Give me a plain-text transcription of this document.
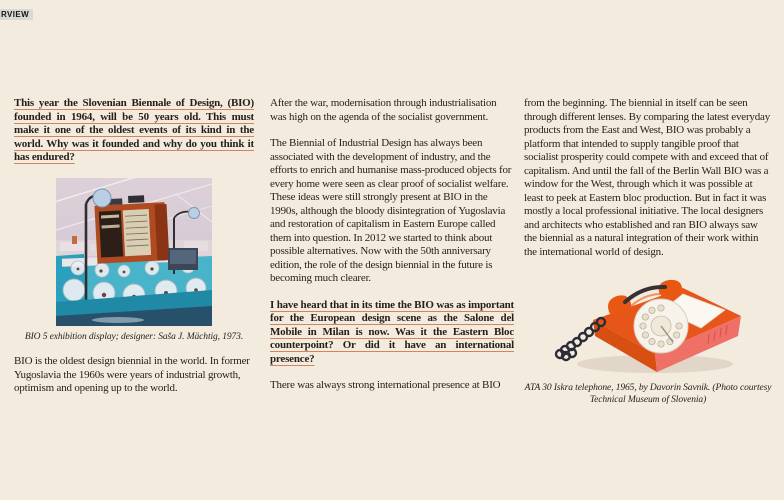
RVIEW

This year the Slovenian Biennale of Design, (BIO) founded in 1964, will be 50 years old. This must make it one of the oldest events of its kind in the world. Why was it founded and why do you think it has endured?

BIO 5 exhibition display; designer: Saša J. Mächtig, 1973.

BIO is the oldest design biennial in the world. In former Yugoslavia the 1960s were years of industrial growth, optimism and opening up to the world.

After the war, modernisation through industrialisation was high on the agenda of the socialist government.

The Biennial of Industrial Design has always been associated with the development of industry, and the efforts to enrich and humanise mass-produced objects for every home were seen as clear proof of socialist welfare. These ideas were still strongly present at BIO in the 1990s, although the bloody disintegration of Yugoslavia and restoration of capitalism in Eastern Europe called them into question. In 2012 we started to think about possible alternatives. Now with the 50th anniversary edition, the role of the design biennial in the future is becoming much clearer.

I have heard that in its time the BIO was as important for the European design scene as the Salone del Mobile in Milan is now. Was it the Eastern Bloc counterpoint? Or did it have an international presence?

There was always strong international presence at BIO

from the beginning. The biennial in itself can be seen through different lenses. By comparing the latest everyday products from the East and West, BIO was probably a platform that intended to supply tangible proof that socialist prosperity could compete with and exceed that of capitalism. And until the fall of the Berlin Wall BIO was a window for the West, through which it was possible at least to peek at Eastern bloc production. But in fact it was mostly a local professional initiative. The local designers and architects who established and ran BIO always saw the biennial as a natural integration of their work within the international world of design.

ATA 30 Iskra telephone, 1965, by Davorin Savnik. (Photo courtesy
Technical Museum of Slovenia)
